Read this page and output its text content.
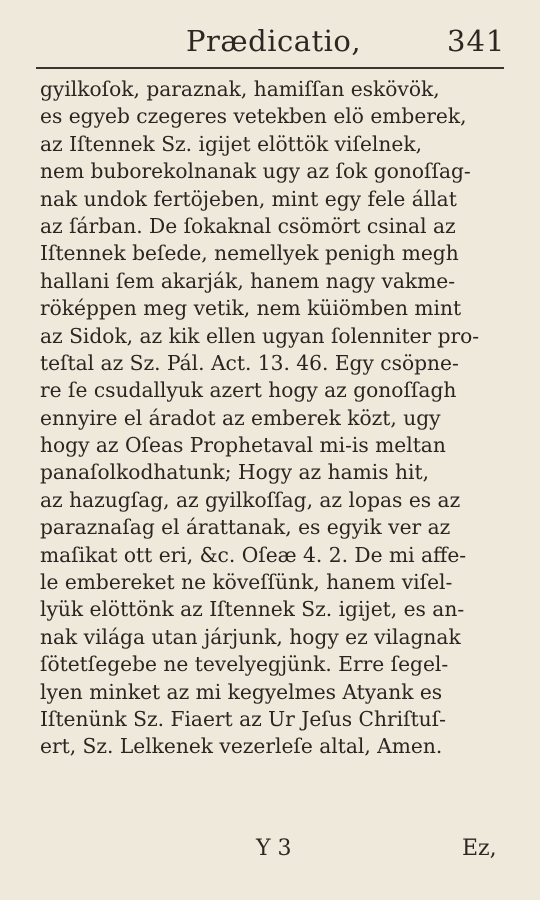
Prædicatio,	341
gyilkoſok, paraznak, hamiſſan eskövök,
es egyeb czegeres vetekben elö emberek,
az Iſtennek Sz. igijet elöttök viſelnek,
nem buborekolnanak ugy az ſok gonoſſag-
nak undok fertöjeben, mint egy fele állat
az ſárban. De ſokaknal csömört csinal az
Iſtennek beſede, nemellyek penigh megh
hallani ſem akarják, hanem nagy vakme-
röképpen meg vetik, nem küiömben mint
az Sidok, az kik ellen ugyan ſolenniter pro-
teſtal az Sz. Pál. Act. 13. 46. Egy csöpne-
re ſe csudallyuk azert hogy az gonoſſagh
ennyire el áradot az emberek közt, ugy
hogy az Oſeas Prophetaval mi-is meltan
panaſolkodhatunk; Hogy az hamis hit,
az hazugſag, az gyilkoſſag, az lopas es az
paraznaſag el árattanak, es egyik ver az
maſikat ott eri, &c. Oſeæ 4. 2. De mi affe-
le embereket ne köveſſünk, hanem viſel-
lyük elöttönk az Iſtennek Sz. igijet, es an-
nak világa utan járjunk, hogy ez vilagnak
ſötetſegebe ne tevelyegjünk. Erre ſegel-
lyen minket az mi kegyelmes Atyank es
Iſtenünk Sz. Fiaert az Ur Jeſus Chriſtuſ-
ert, Sz. Lelkenek vezerleſe altal, Amen.
Y 3	Ez,
